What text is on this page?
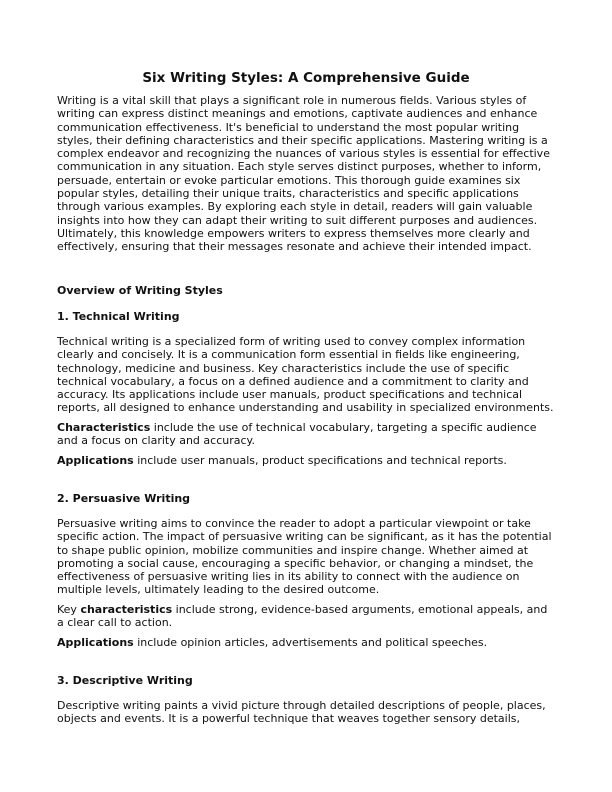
Six Writing Styles: A Comprehensive Guide

Writing is a vital skill that plays a significant role in numerous fields. Various styles of writing can express distinct meanings and emotions, captivate audiences and enhance communication effectiveness. It's beneficial to understand the most popular writing styles, their defining characteristics and their specific applications. Mastering writing is a complex endeavor and recognizing the nuances of various styles is essential for effective communication in any situation. Each style serves distinct purposes, whether to inform, persuade, entertain or evoke particular emotions. This thorough guide examines six popular styles, detailing their unique traits, characteristics and specific applications through various examples. By exploring each style in detail, readers will gain valuable insights into how they can adapt their writing to suit different purposes and audiences. Ultimately, this knowledge empowers writers to express themselves more clearly and effectively, ensuring that their messages resonate and achieve their intended impact.

Overview of Writing Styles
1. Technical Writing

Technical writing is a specialized form of writing used to convey complex information clearly and concisely. It is a communication form essential in fields like engineering, technology, medicine and business. Key characteristics include the use of specific technical vocabulary, a focus on a defined audience and a commitment to clarity and accuracy. Its applications include user manuals, product specifications and technical reports, all designed to enhance understanding and usability in specialized environments.

Characteristics include the use of technical vocabulary, targeting a specific audience and a focus on clarity and accuracy.

Applications include user manuals, product specifications and technical reports.

2. Persuasive Writing

Persuasive writing aims to convince the reader to adopt a particular viewpoint or take specific action. The impact of persuasive writing can be significant, as it has the potential to shape public opinion, mobilize communities and inspire change. Whether aimed at promoting a social cause, encouraging a specific behavior, or changing a mindset, the effectiveness of persuasive writing lies in its ability to connect with the audience on multiple levels, ultimately leading to the desired outcome.

Key characteristics include strong, evidence-based arguments, emotional appeals, and a clear call to action.

Applications include opinion articles, advertisements and political speeches.

3. Descriptive Writing

Descriptive writing paints a vivid picture through detailed descriptions of people, places, objects and events. It is a powerful technique that weaves together sensory details,
